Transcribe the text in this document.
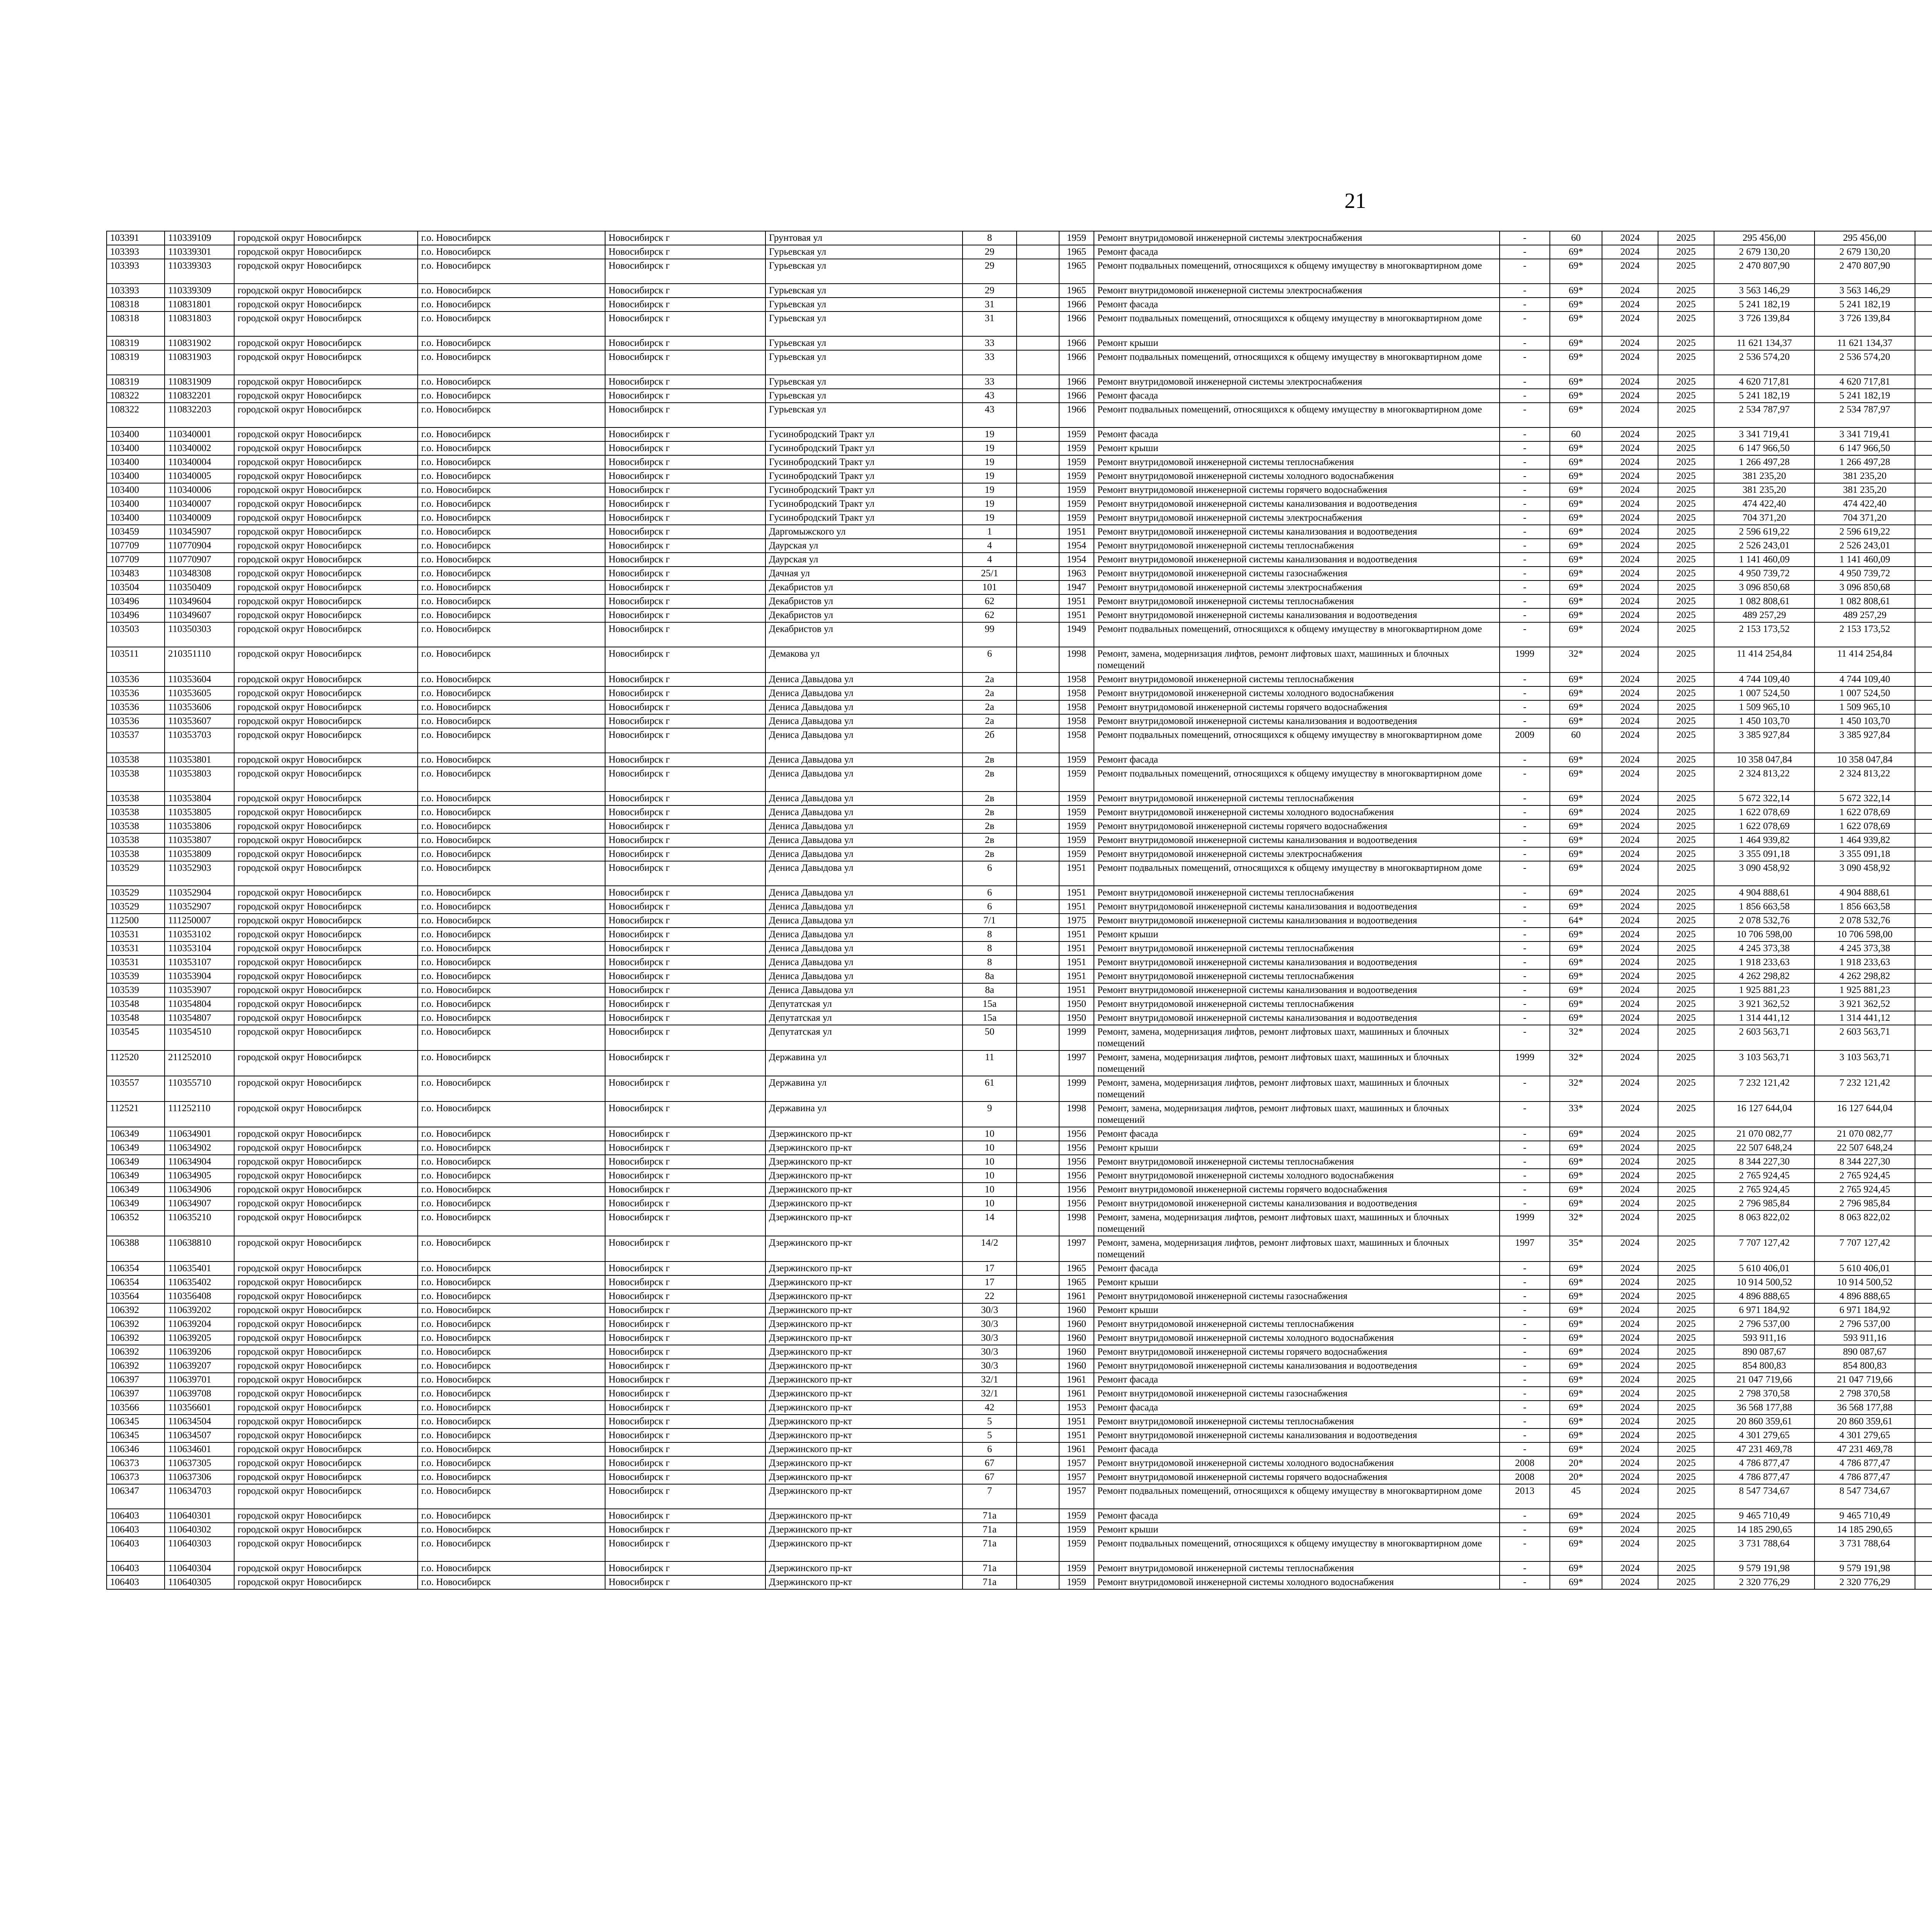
21
103391	110339109	городской округ Новосибирск	г.о. Новосибирск	Новосибирск г	Грунтовая ул	8		1959	Ремонт внутридомовой инженерной системы электроснабжения	-	60	2024	2025	295 456,00	295 456,00						
103393	110339301	городской округ Новосибирск	г.о. Новосибирск	Новосибирск г	Гурьевская ул	29		1965	Ремонт фасада	-	69*	2024	2025	2 679 130,20	2 679 130,20						
103393	110339303	городской округ Новосибирск	г.о. Новосибирск	Новосибирск г	Гурьевская ул	29		1965	Ремонт подвальных помещений, относящихся к общему имуществу в многоквартирном доме	-	69*	2024	2025	2 470 807,90	2 470 807,90						
103393	110339309	городской округ Новосибирск	г.о. Новосибирск	Новосибирск г	Гурьевская ул	29		1965	Ремонт внутридомовой инженерной системы электроснабжения	-	69*	2024	2025	3 563 146,29	3 563 146,29						
108318	110831801	городской округ Новосибирск	г.о. Новосибирск	Новосибирск г	Гурьевская ул	31		1966	Ремонт фасада	-	69*	2024	2025	5 241 182,19	5 241 182,19						
108318	110831803	городской округ Новосибирск	г.о. Новосибирск	Новосибирск г	Гурьевская ул	31		1966	Ремонт подвальных помещений, относящихся к общему имуществу в многоквартирном доме	-	69*	2024	2025	3 726 139,84	3 726 139,84						
108319	110831902	городской округ Новосибирск	г.о. Новосибирск	Новосибирск г	Гурьевская ул	33		1966	Ремонт крыши	-	69*	2024	2025	11 621 134,37	11 621 134,37						
108319	110831903	городской округ Новосибирск	г.о. Новосибирск	Новосибирск г	Гурьевская ул	33		1966	Ремонт подвальных помещений, относящихся к общему имуществу в многоквартирном доме	-	69*	2024	2025	2 536 574,20	2 536 574,20						
108319	110831909	городской округ Новосибирск	г.о. Новосибирск	Новосибирск г	Гурьевская ул	33		1966	Ремонт внутридомовой инженерной системы электроснабжения	-	69*	2024	2025	4 620 717,81	4 620 717,81						
108322	110832201	городской округ Новосибирск	г.о. Новосибирск	Новосибирск г	Гурьевская ул	43		1966	Ремонт фасада	-	69*	2024	2025	5 241 182,19	5 241 182,19						
108322	110832203	городской округ Новосибирск	г.о. Новосибирск	Новосибирск г	Гурьевская ул	43		1966	Ремонт подвальных помещений, относящихся к общему имуществу в многоквартирном доме	-	69*	2024	2025	2 534 787,97	2 534 787,97						
103400	110340001	городской округ Новосибирск	г.о. Новосибирск	Новосибирск г	Гусинобродский Тракт ул	19		1959	Ремонт фасада	-	60	2024	2025	3 341 719,41	3 341 719,41						
103400	110340002	городской округ Новосибирск	г.о. Новосибирск	Новосибирск г	Гусинобродский Тракт ул	19		1959	Ремонт крыши	-	69*	2024	2025	6 147 966,50	6 147 966,50						
103400	110340004	городской округ Новосибирск	г.о. Новосибирск	Новосибирск г	Гусинобродский Тракт ул	19		1959	Ремонт внутридомовой инженерной системы теплоснабжения	-	69*	2024	2025	1 266 497,28	1 266 497,28						
103400	110340005	городской округ Новосибирск	г.о. Новосибирск	Новосибирск г	Гусинобродский Тракт ул	19		1959	Ремонт внутридомовой инженерной системы холодного водоснабжения	-	69*	2024	2025	381 235,20	381 235,20						
103400	110340006	городской округ Новосибирск	г.о. Новосибирск	Новосибирск г	Гусинобродский Тракт ул	19		1959	Ремонт внутридомовой инженерной системы горячего водоснабжения	-	69*	2024	2025	381 235,20	381 235,20						
103400	110340007	городской округ Новосибирск	г.о. Новосибирск	Новосибирск г	Гусинобродский Тракт ул	19		1959	Ремонт внутридомовой инженерной системы канализования и водоотведения	-	69*	2024	2025	474 422,40	474 422,40						
103400	110340009	городской округ Новосибирск	г.о. Новосибирск	Новосибирск г	Гусинобродский Тракт ул	19		1959	Ремонт внутридомовой инженерной системы электроснабжения	-	69*	2024	2025	704 371,20	704 371,20						
103459	110345907	городской округ Новосибирск	г.о. Новосибирск	Новосибирск г	Даргомыжского ул	1		1951	Ремонт внутридомовой инженерной системы канализования и водоотведения	-	69*	2024	2025	2 596 619,22	2 596 619,22						
107709	110770904	городской округ Новосибирск	г.о. Новосибирск	Новосибирск г	Даурская ул	4		1954	Ремонт внутридомовой инженерной системы теплоснабжения	-	69*	2024	2025	2 526 243,01	2 526 243,01						
107709	110770907	городской округ Новосибирск	г.о. Новосибирск	Новосибирск г	Даурская ул	4		1954	Ремонт внутридомовой инженерной системы канализования и водоотведения	-	69*	2024	2025	1 141 460,09	1 141 460,09						
103483	110348308	городской округ Новосибирск	г.о. Новосибирск	Новосибирск г	Дачная ул	25/1		1963	Ремонт внутридомовой инженерной системы газоснабжения	-	69*	2024	2025	4 950 739,72	4 950 739,72						
103504	110350409	городской округ Новосибирск	г.о. Новосибирск	Новосибирск г	Декабристов ул	101		1947	Ремонт внутридомовой инженерной системы электроснабжения	-	69*	2024	2025	3 096 850,68	3 096 850,68						
103496	110349604	городской округ Новосибирск	г.о. Новосибирск	Новосибирск г	Декабристов ул	62		1951	Ремонт внутридомовой инженерной системы теплоснабжения	-	69*	2024	2025	1 082 808,61	1 082 808,61						
103496	110349607	городской округ Новосибирск	г.о. Новосибирск	Новосибирск г	Декабристов ул	62		1951	Ремонт внутридомовой инженерной системы канализования и водоотведения	-	69*	2024	2025	489 257,29	489 257,29						
103503	110350303	городской округ Новосибирск	г.о. Новосибирск	Новосибирск г	Декабристов ул	99		1949	Ремонт подвальных помещений, относящихся к общему имуществу в многоквартирном доме	-	69*	2024	2025	2 153 173,52	2 153 173,52						
103511	210351110	городской округ Новосибирск	г.о. Новосибирск	Новосибирск г	Демакова ул	6		1998	Ремонт, замена, модернизация лифтов, ремонт лифтовых шахт, машинных и блочных помещений	1999	32*	2024	2025	11 414 254,84	11 414 254,84						
103536	110353604	городской округ Новосибирск	г.о. Новосибирск	Новосибирск г	Дениса Давыдова ул	2а		1958	Ремонт внутридомовой инженерной системы теплоснабжения	-	69*	2024	2025	4 744 109,40	4 744 109,40						
103536	110353605	городской округ Новосибирск	г.о. Новосибирск	Новосибирск г	Дениса Давыдова ул	2а		1958	Ремонт внутридомовой инженерной системы холодного водоснабжения	-	69*	2024	2025	1 007 524,50	1 007 524,50						
103536	110353606	городской округ Новосибирск	г.о. Новосибирск	Новосибирск г	Дениса Давыдова ул	2а		1958	Ремонт внутридомовой инженерной системы горячего водоснабжения	-	69*	2024	2025	1 509 965,10	1 509 965,10						
103536	110353607	городской округ Новосибирск	г.о. Новосибирск	Новосибирск г	Дениса Давыдова ул	2а		1958	Ремонт внутридомовой инженерной системы канализования и водоотведения	-	69*	2024	2025	1 450 103,70	1 450 103,70						
103537	110353703	городской округ Новосибирск	г.о. Новосибирск	Новосибирск г	Дениса Давыдова ул	2б		1958	Ремонт подвальных помещений, относящихся к общему имуществу в многоквартирном доме	2009	60	2024	2025	3 385 927,84	3 385 927,84						
103538	110353801	городской округ Новосибирск	г.о. Новосибирск	Новосибирск г	Дениса Давыдова ул	2в		1959	Ремонт фасада	-	69*	2024	2025	10 358 047,84	10 358 047,84						
103538	110353803	городской округ Новосибирск	г.о. Новосибирск	Новосибирск г	Дениса Давыдова ул	2в		1959	Ремонт подвальных помещений, относящихся к общему имуществу в многоквартирном доме	-	69*	2024	2025	2 324 813,22	2 324 813,22						
103538	110353804	городской округ Новосибирск	г.о. Новосибирск	Новосибирск г	Дениса Давыдова ул	2в		1959	Ремонт внутридомовой инженерной системы теплоснабжения	-	69*	2024	2025	5 672 322,14	5 672 322,14						
103538	110353805	городской округ Новосибирск	г.о. Новосибирск	Новосибирск г	Дениса Давыдова ул	2в		1959	Ремонт внутридомовой инженерной системы холодного водоснабжения	-	69*	2024	2025	1 622 078,69	1 622 078,69						
103538	110353806	городской округ Новосибирск	г.о. Новосибирск	Новосибирск г	Дениса Давыдова ул	2в		1959	Ремонт внутридомовой инженерной системы горячего водоснабжения	-	69*	2024	2025	1 622 078,69	1 622 078,69						
103538	110353807	городской округ Новосибирск	г.о. Новосибирск	Новосибирск г	Дениса Давыдова ул	2в		1959	Ремонт внутридомовой инженерной системы канализования и водоотведения	-	69*	2024	2025	1 464 939,82	1 464 939,82						
103538	110353809	городской округ Новосибирск	г.о. Новосибирск	Новосибирск г	Дениса Давыдова ул	2в		1959	Ремонт внутридомовой инженерной системы электроснабжения	-	69*	2024	2025	3 355 091,18	3 355 091,18						
103529	110352903	городской округ Новосибирск	г.о. Новосибирск	Новосибирск г	Дениса Давыдова ул	6		1951	Ремонт подвальных помещений, относящихся к общему имуществу в многоквартирном доме	-	69*	2024	2025	3 090 458,92	3 090 458,92						
103529	110352904	городской округ Новосибирск	г.о. Новосибирск	Новосибирск г	Дениса Давыдова ул	6		1951	Ремонт внутридомовой инженерной системы теплоснабжения	-	69*	2024	2025	4 904 888,61	4 904 888,61						
103529	110352907	городской округ Новосибирск	г.о. Новосибирск	Новосибирск г	Дениса Давыдова ул	6		1951	Ремонт внутридомовой инженерной системы канализования и водоотведения	-	69*	2024	2025	1 856 663,58	1 856 663,58						
112500	111250007	городской округ Новосибирск	г.о. Новосибирск	Новосибирск г	Дениса Давыдова ул	7/1		1975	Ремонт внутридомовой инженерной системы канализования и водоотведения	-	64*	2024	2025	2 078 532,76	2 078 532,76						
103531	110353102	городской округ Новосибирск	г.о. Новосибирск	Новосибирск г	Дениса Давыдова ул	8		1951	Ремонт крыши	-	69*	2024	2025	10 706 598,00	10 706 598,00						
103531	110353104	городской округ Новосибирск	г.о. Новосибирск	Новосибирск г	Дениса Давыдова ул	8		1951	Ремонт внутридомовой инженерной системы теплоснабжения	-	69*	2024	2025	4 245 373,38	4 245 373,38						
103531	110353107	городской округ Новосибирск	г.о. Новосибирск	Новосибирск г	Дениса Давыдова ул	8		1951	Ремонт внутридомовой инженерной системы канализования и водоотведения	-	69*	2024	2025	1 918 233,63	1 918 233,63						
103539	110353904	городской округ Новосибирск	г.о. Новосибирск	Новосибирск г	Дениса Давыдова ул	8а		1951	Ремонт внутридомовой инженерной системы теплоснабжения	-	69*	2024	2025	4 262 298,82	4 262 298,82						
103539	110353907	городской округ Новосибирск	г.о. Новосибирск	Новосибирск г	Дениса Давыдова ул	8а		1951	Ремонт внутридомовой инженерной системы канализования и водоотведения	-	69*	2024	2025	1 925 881,23	1 925 881,23						
103548	110354804	городской округ Новосибирск	г.о. Новосибирск	Новосибирск г	Депутатская ул	15а		1950	Ремонт внутридомовой инженерной системы теплоснабжения	-	69*	2024	2025	3 921 362,52	3 921 362,52						
103548	110354807	городской округ Новосибирск	г.о. Новосибирск	Новосибирск г	Депутатская ул	15а		1950	Ремонт внутридомовой инженерной системы канализования и водоотведения	-	69*	2024	2025	1 314 441,12	1 314 441,12						
103545	110354510	городской округ Новосибирск	г.о. Новосибирск	Новосибирск г	Депутатская ул	50		1999	Ремонт, замена, модернизация лифтов, ремонт лифтовых шахт, машинных и блочных помещений	-	32*	2024	2025	2 603 563,71	2 603 563,71						
112520	211252010	городской округ Новосибирск	г.о. Новосибирск	Новосибирск г	Державина ул	11		1997	Ремонт, замена, модернизация лифтов, ремонт лифтовых шахт, машинных и блочных помещений	1999	32*	2024	2025	3 103 563,71	3 103 563,71						
103557	110355710	городской округ Новосибирск	г.о. Новосибирск	Новосибирск г	Державина ул	61		1999	Ремонт, замена, модернизация лифтов, ремонт лифтовых шахт, машинных и блочных помещений	-	32*	2024	2025	7 232 121,42	7 232 121,42						
112521	111252110	городской округ Новосибирск	г.о. Новосибирск	Новосибирск г	Державина ул	9		1998	Ремонт, замена, модернизация лифтов, ремонт лифтовых шахт, машинных и блочных помещений	-	33*	2024	2025	16 127 644,04	16 127 644,04						
106349	110634901	городской округ Новосибирск	г.о. Новосибирск	Новосибирск г	Дзержинского пр-кт	10		1956	Ремонт фасада	-	69*	2024	2025	21 070 082,77	21 070 082,77						
106349	110634902	городской округ Новосибирск	г.о. Новосибирск	Новосибирск г	Дзержинского пр-кт	10		1956	Ремонт крыши	-	69*	2024	2025	22 507 648,24	22 507 648,24						
106349	110634904	городской округ Новосибирск	г.о. Новосибирск	Новосибирск г	Дзержинского пр-кт	10		1956	Ремонт внутридомовой инженерной системы теплоснабжения	-	69*	2024	2025	8 344 227,30	8 344 227,30						
106349	110634905	городской округ Новосибирск	г.о. Новосибирск	Новосибирск г	Дзержинского пр-кт	10		1956	Ремонт внутридомовой инженерной системы холодного водоснабжения	-	69*	2024	2025	2 765 924,45	2 765 924,45						
106349	110634906	городской округ Новосибирск	г.о. Новосибирск	Новосибирск г	Дзержинского пр-кт	10		1956	Ремонт внутридомовой инженерной системы горячего водоснабжения	-	69*	2024	2025	2 765 924,45	2 765 924,45						
106349	110634907	городской округ Новосибирск	г.о. Новосибирск	Новосибирск г	Дзержинского пр-кт	10		1956	Ремонт внутридомовой инженерной системы канализования и водоотведения	-	69*	2024	2025	2 796 985,84	2 796 985,84						
106352	110635210	городской округ Новосибирск	г.о. Новосибирск	Новосибирск г	Дзержинского пр-кт	14		1998	Ремонт, замена, модернизация лифтов, ремонт лифтовых шахт, машинных и блочных помещений	1999	32*	2024	2025	8 063 822,02	8 063 822,02						
106388	110638810	городской округ Новосибирск	г.о. Новосибирск	Новосибирск г	Дзержинского пр-кт	14/2		1997	Ремонт, замена, модернизация лифтов, ремонт лифтовых шахт, машинных и блочных помещений	1997	35*	2024	2025	7 707 127,42	7 707 127,42						
106354	110635401	городской округ Новосибирск	г.о. Новосибирск	Новосибирск г	Дзержинского пр-кт	17		1965	Ремонт фасада	-	69*	2024	2025	5 610 406,01	5 610 406,01						
106354	110635402	городской округ Новосибирск	г.о. Новосибирск	Новосибирск г	Дзержинского пр-кт	17		1965	Ремонт крыши	-	69*	2024	2025	10 914 500,52	10 914 500,52						
103564	110356408	городской округ Новосибирск	г.о. Новосибирск	Новосибирск г	Дзержинского пр-кт	22		1961	Ремонт внутридомовой инженерной системы газоснабжения	-	69*	2024	2025	4 896 888,65	4 896 888,65						
106392	110639202	городской округ Новосибирск	г.о. Новосибирск	Новосибирск г	Дзержинского пр-кт	30/3		1960	Ремонт крыши	-	69*	2024	2025	6 971 184,92	6 971 184,92						
106392	110639204	городской округ Новосибирск	г.о. Новосибирск	Новосибирск г	Дзержинского пр-кт	30/3		1960	Ремонт внутридомовой инженерной системы теплоснабжения	-	69*	2024	2025	2 796 537,00	2 796 537,00						
106392	110639205	городской округ Новосибирск	г.о. Новосибирск	Новосибирск г	Дзержинского пр-кт	30/3		1960	Ремонт внутридомовой инженерной системы холодного водоснабжения	-	69*	2024	2025	593 911,16	593 911,16						
106392	110639206	городской округ Новосибирск	г.о. Новосибирск	Новосибирск г	Дзержинского пр-кт	30/3		1960	Ремонт внутридомовой инженерной системы горячего водоснабжения	-	69*	2024	2025	890 087,67	890 087,67						
106392	110639207	городской округ Новосибирск	г.о. Новосибирск	Новосибирск г	Дзержинского пр-кт	30/3		1960	Ремонт внутридомовой инженерной системы канализования и водоотведения	-	69*	2024	2025	854 800,83	854 800,83						
106397	110639701	городской округ Новосибирск	г.о. Новосибирск	Новосибирск г	Дзержинского пр-кт	32/1		1961	Ремонт фасада	-	69*	2024	2025	21 047 719,66	21 047 719,66						
106397	110639708	городской округ Новосибирск	г.о. Новосибирск	Новосибирск г	Дзержинского пр-кт	32/1		1961	Ремонт внутридомовой инженерной системы газоснабжения	-	69*	2024	2025	2 798 370,58	2 798 370,58						
103566	110356601	городской округ Новосибирск	г.о. Новосибирск	Новосибирск г	Дзержинского пр-кт	42		1953	Ремонт фасада	-	69*	2024	2025	36 568 177,88	36 568 177,88						
106345	110634504	городской округ Новосибирск	г.о. Новосибирск	Новосибирск г	Дзержинского пр-кт	5		1951	Ремонт внутридомовой инженерной системы теплоснабжения	-	69*	2024	2025	20 860 359,61	20 860 359,61						
106345	110634507	городской округ Новосибирск	г.о. Новосибирск	Новосибирск г	Дзержинского пр-кт	5		1951	Ремонт внутридомовой инженерной системы канализования и водоотведения	-	69*	2024	2025	4 301 279,65	4 301 279,65						
106346	110634601	городской округ Новосибирск	г.о. Новосибирск	Новосибирск г	Дзержинского пр-кт	6		1961	Ремонт фасада	-	69*	2024	2025	47 231 469,78	47 231 469,78						
106373	110637305	городской округ Новосибирск	г.о. Новосибирск	Новосибирск г	Дзержинского пр-кт	67		1957	Ремонт внутридомовой инженерной системы холодного водоснабжения	2008	20*	2024	2025	4 786 877,47	4 786 877,47						
106373	110637306	городской округ Новосибирск	г.о. Новосибирск	Новосибирск г	Дзержинского пр-кт	67		1957	Ремонт внутридомовой инженерной системы горячего водоснабжения	2008	20*	2024	2025	4 786 877,47	4 786 877,47						
106347	110634703	городской округ Новосибирск	г.о. Новосибирск	Новосибирск г	Дзержинского пр-кт	7		1957	Ремонт подвальных помещений, относящихся к общему имуществу в многоквартирном доме	2013	45	2024	2025	8 547 734,67	8 547 734,67						
106403	110640301	городской округ Новосибирск	г.о. Новосибирск	Новосибирск г	Дзержинского пр-кт	71а		1959	Ремонт фасада	-	69*	2024	2025	9 465 710,49	9 465 710,49						
106403	110640302	городской округ Новосибирск	г.о. Новосибирск	Новосибирск г	Дзержинского пр-кт	71а		1959	Ремонт крыши	-	69*	2024	2025	14 185 290,65	14 185 290,65						
106403	110640303	городской округ Новосибирск	г.о. Новосибирск	Новосибирск г	Дзержинского пр-кт	71а		1959	Ремонт подвальных помещений, относящихся к общему имуществу в многоквартирном доме	-	69*	2024	2025	3 731 788,64	3 731 788,64						
106403	110640304	городской округ Новосибирск	г.о. Новосибирск	Новосибирск г	Дзержинского пр-кт	71а		1959	Ремонт внутридомовой инженерной системы теплоснабжения	-	69*	2024	2025	9 579 191,98	9 579 191,98						
106403	110640305	городской округ Новосибирск	г.о. Новосибирск	Новосибирск г	Дзержинского пр-кт	71а		1959	Ремонт внутридомовой инженерной системы холодного водоснабжения	-	69*	2024	2025	2 320 776,29	2 320 776,29						
